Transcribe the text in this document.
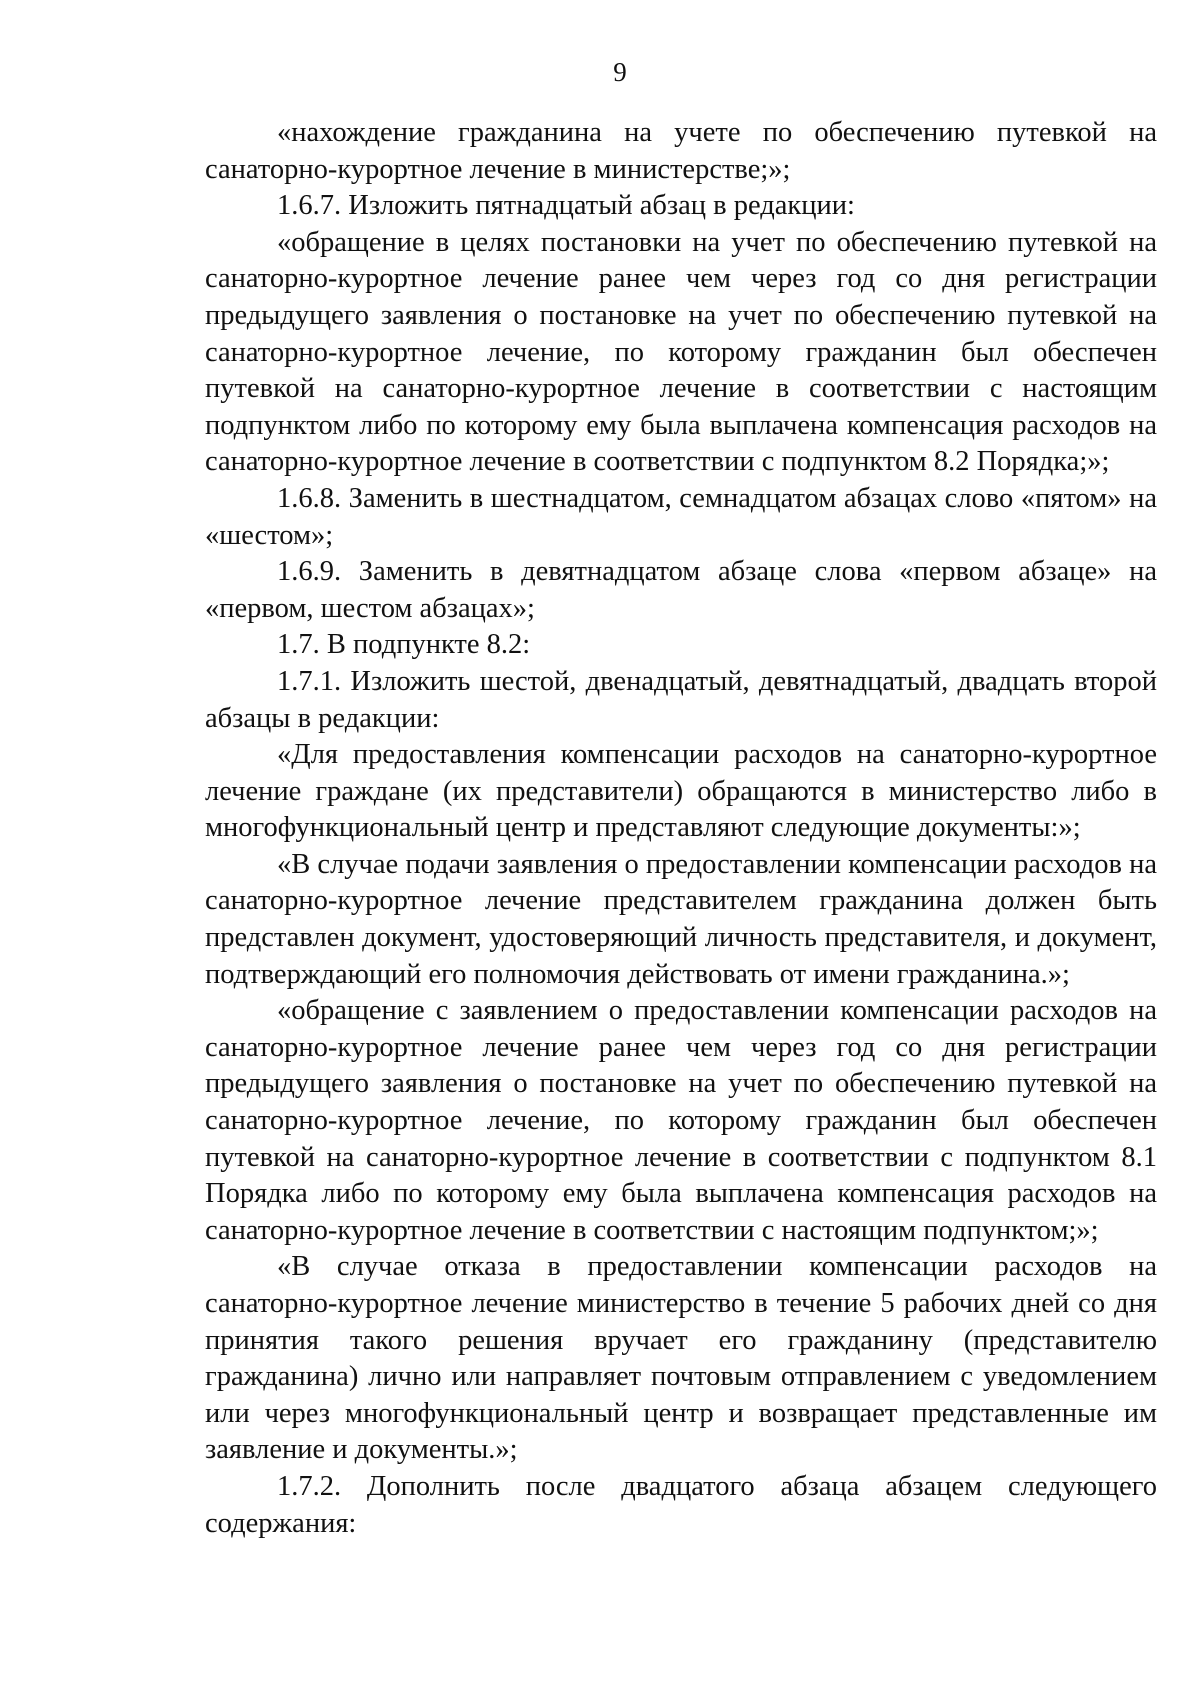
9

«нахождение гражданина на учете по обеспечению путевкой на санаторно-курортное лечение в министерстве;»;

1.6.7. Изложить пятнадцатый абзац в редакции:

«обращение в целях постановки на учет по обеспечению путевкой на санаторно-курортное лечение ранее чем через год со дня регистрации предыдущего заявления о постановке на учет по обеспечению путевкой на санаторно-курортное лечение, по которому гражданин был обеспечен путевкой на санаторно-курортное лечение в соответствии с настоящим подпунктом либо по которому ему была выплачена компенсация расходов на санаторно-курортное лечение в соответствии с подпунктом 8.2 Порядка;»;

1.6.8. Заменить в шестнадцатом, семнадцатом абзацах слово «пятом» на «шестом»;

1.6.9. Заменить в девятнадцатом абзаце слова «первом абзаце» на «первом, шестом абзацах»;

1.7. В подпункте 8.2:

1.7.1. Изложить шестой, двенадцатый, девятнадцатый, двадцать второй абзацы в редакции:

«Для предоставления компенсации расходов на санаторно-курортное лечение граждане (их представители) обращаются в министерство либо в многофункциональный центр и представляют следующие документы:»;

«В случае подачи заявления о предоставлении компенсации расходов на санаторно-курортное лечение представителем гражданина должен быть представлен документ, удостоверяющий личность представителя, и документ, подтверждающий его полномочия действовать от имени гражданина.»;

«обращение с заявлением о предоставлении компенсации расходов на санаторно-курортное лечение ранее чем через год со дня регистрации предыдущего заявления о постановке на учет по обеспечению путевкой на санаторно-курортное лечение, по которому гражданин был обеспечен путевкой на санаторно-курортное лечение в соответствии с подпунктом 8.1 Порядка либо по которому ему была выплачена компенсация расходов на санаторно-курортное лечение в соответствии с настоящим подпунктом;»;

«В случае отказа в предоставлении компенсации расходов на санаторно-курортное лечение министерство в течение 5 рабочих дней со дня принятия такого решения вручает его гражданину (представителю гражданина) лично или направляет почтовым отправлением с уведомлением или через многофункциональный центр и возвращает представленные им заявление и документы.»;

1.7.2. Дополнить после двадцатого абзаца абзацем следующего содержания:
